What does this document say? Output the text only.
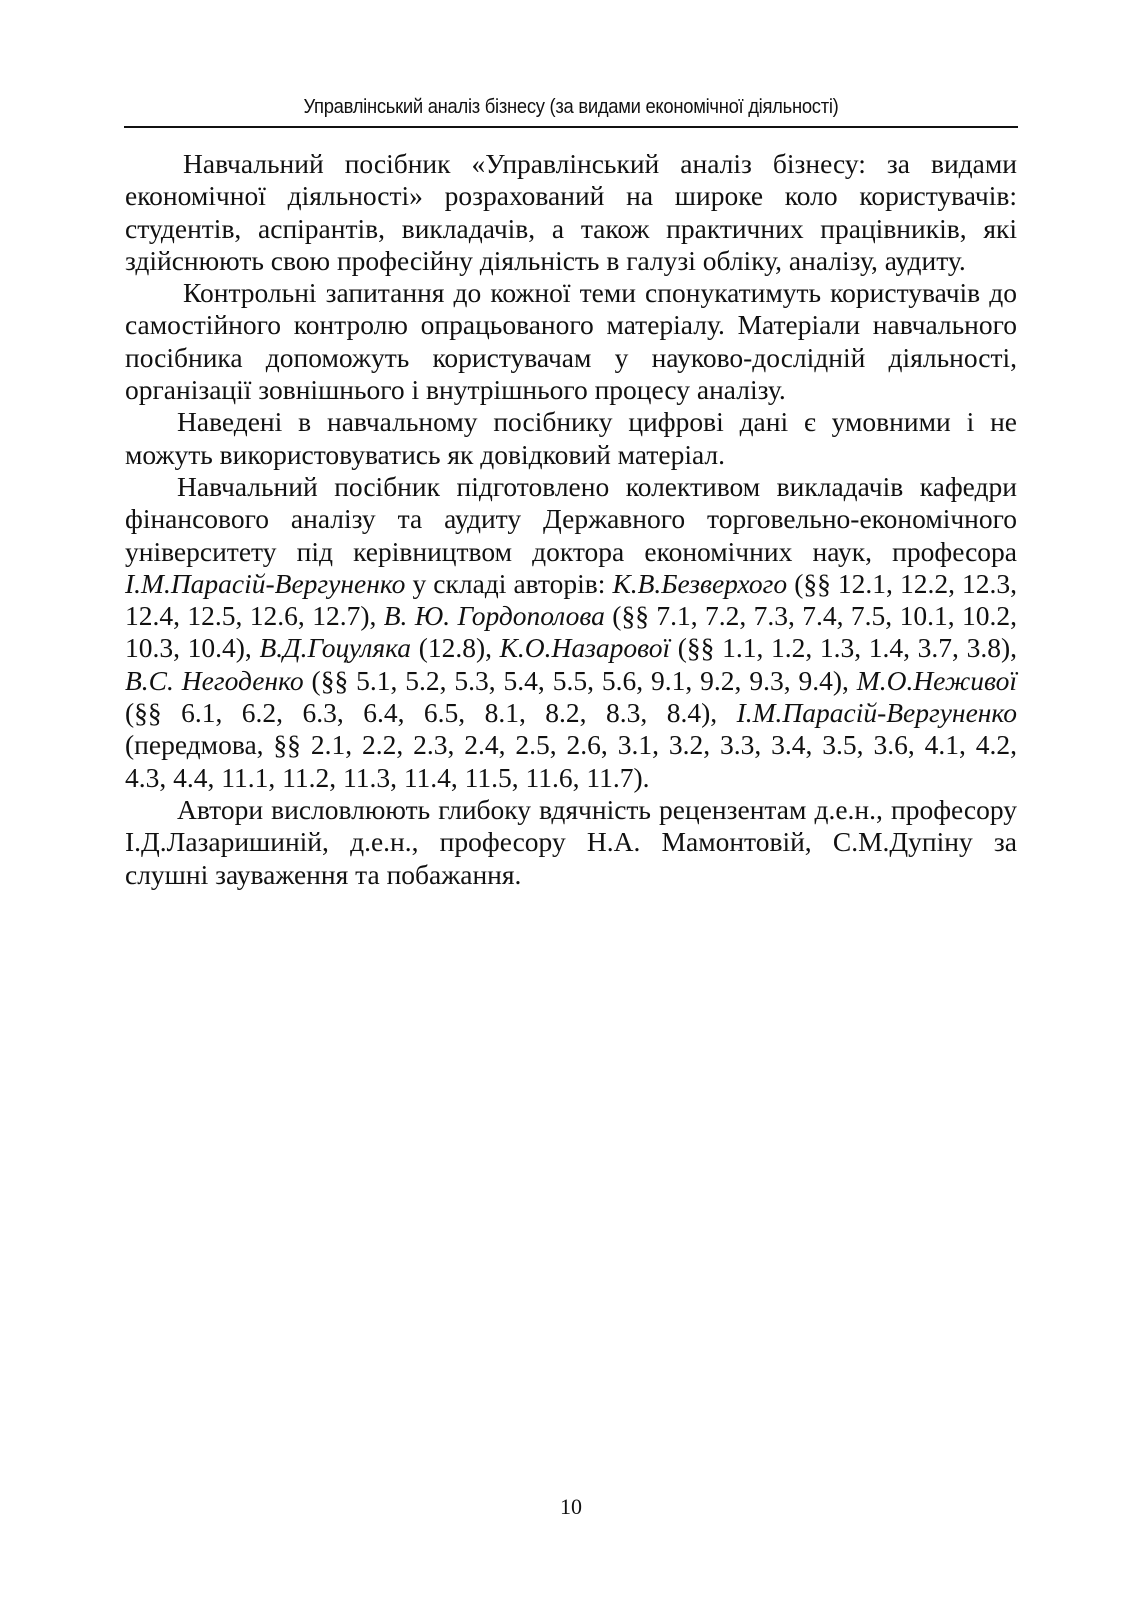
Управлінський аналіз бізнесу (за видами економічної діяльності)

Навчальний посібник «Управлінський аналіз бізнесу: за видами економічної діяльності» розрахований на широке коло користувачів: студентів, аспірантів, викладачів, а також практичних працівників, які здійснюють свою професійну діяльність в галузі обліку, аналізу, аудиту.

Контрольні запитання до кожної теми спонукатимуть користувачів до самостійного контролю опрацьованого матеріалу. Матеріали навчального посібника допоможуть користувачам у науково-дослідній діяльності, організації зовнішнього і внутрішнього процесу аналізу.

Наведені в навчальному посібнику цифрові дані є умовними і не можуть використовуватись як довідковий матеріал.

Навчальний посібник підготовлено колективом викладачів кафедри фінансового аналізу та аудиту Державного торговельно-економічного університету під керівництвом доктора економічних наук, професора І.М.Парасій-Вергуненко у складі авторів: К.В.Безверхого (§§ 12.1, 12.2, 12.3, 12.4, 12.5, 12.6, 12.7), В. Ю. Гордополова (§§ 7.1, 7.2, 7.3, 7.4, 7.5, 10.1, 10.2, 10.3, 10.4), В.Д.Гоцуляка (12.8), К.О.Назарової (§§ 1.1, 1.2, 1.3, 1.4, 3.7, 3.8), В.С. Негоденко (§§ 5.1, 5.2, 5.3, 5.4, 5.5, 5.6, 9.1, 9.2, 9.3, 9.4), М.О.Неживої (§§ 6.1, 6.2, 6.3, 6.4, 6.5, 8.1, 8.2, 8.3, 8.4), І.М.Парасій-Вергуненко (передмова, §§ 2.1, 2.2, 2.3, 2.4, 2.5, 2.6, 3.1, 3.2, 3.3, 3.4, 3.5, 3.6, 4.1, 4.2, 4.3, 4.4, 11.1, 11.2, 11.3, 11.4, 11.5, 11.6, 11.7).

Автори висловлюють глибоку вдячність рецензентам д.е.н., професору І.Д.Лазаришиній, д.е.н., професору Н.А. Мамонтовій, С.М.Дупіну за слушні зауваження та побажання.

10
